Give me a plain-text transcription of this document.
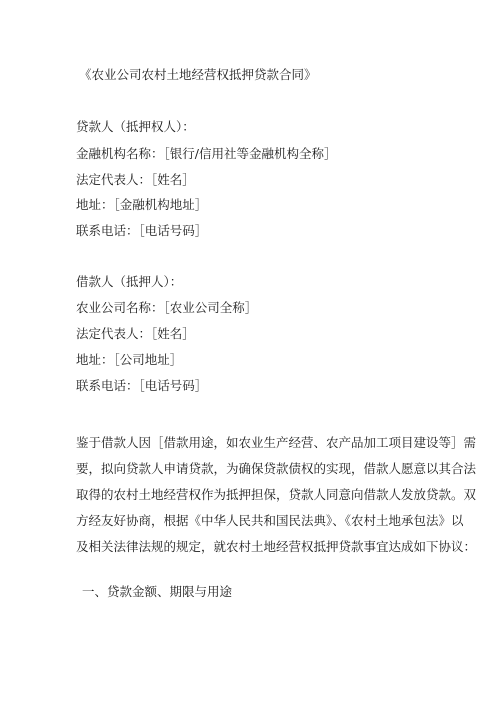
《农业公司农村土地经营权抵押贷款合同》
贷款人（抵押权人）：
金融机构名称：［银行/信用社等金融机构全称］
法定代表人：［姓名］
地址：［金融机构地址］
联系电话：［电话号码］
借款人（抵押人）：
农业公司名称：［农业公司全称］
法定代表人：［姓名］
地址：［公司地址］
联系电话：［电话号码］
鉴于借款人因［借款用途，如农业生产经营、农产品加工项目建设等］需
要，拟向贷款人申请贷款，为确保贷款债权的实现，借款人愿意以其合法
取得的农村土地经营权作为抵押担保，贷款人同意向借款人发放贷款。双
方经友好协商，根据《中华人民共和国民法典》、《农村土地承包法》以
及相关法律法规的规定，就农村土地经营权抵押贷款事宜达成如下协议：
一、贷款金额、期限与用途
